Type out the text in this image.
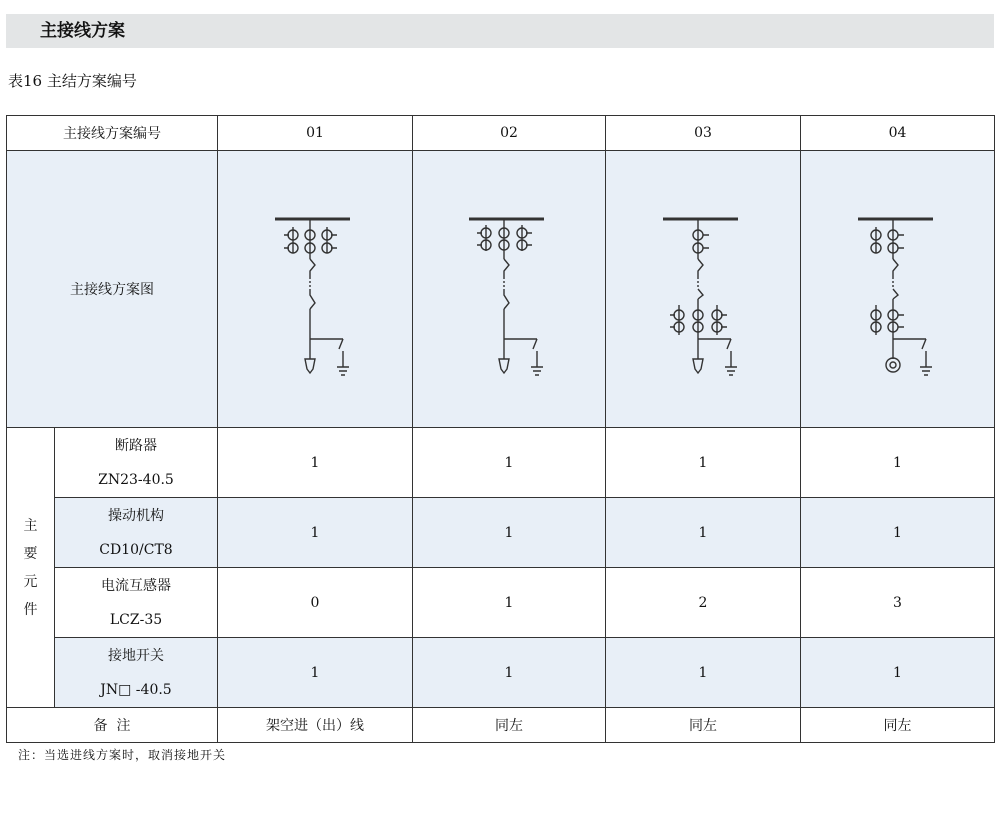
主接线方案
表16 主结方案编号
主接线方案编号		01	02	03	04
主接线方案图	

主
要
元
件	断路器
ZN23-40.5	1	1	1	1

	操动机构
CD10/CT8	1	1	1	1

	电流互感器
LCZ-35	0	1	2	3

	接地开关
JN□ -40.5	1	1	1	1
备  注		架空进（出）线	同左	同左	同左
注：当选进线方案时，取消接地开关
